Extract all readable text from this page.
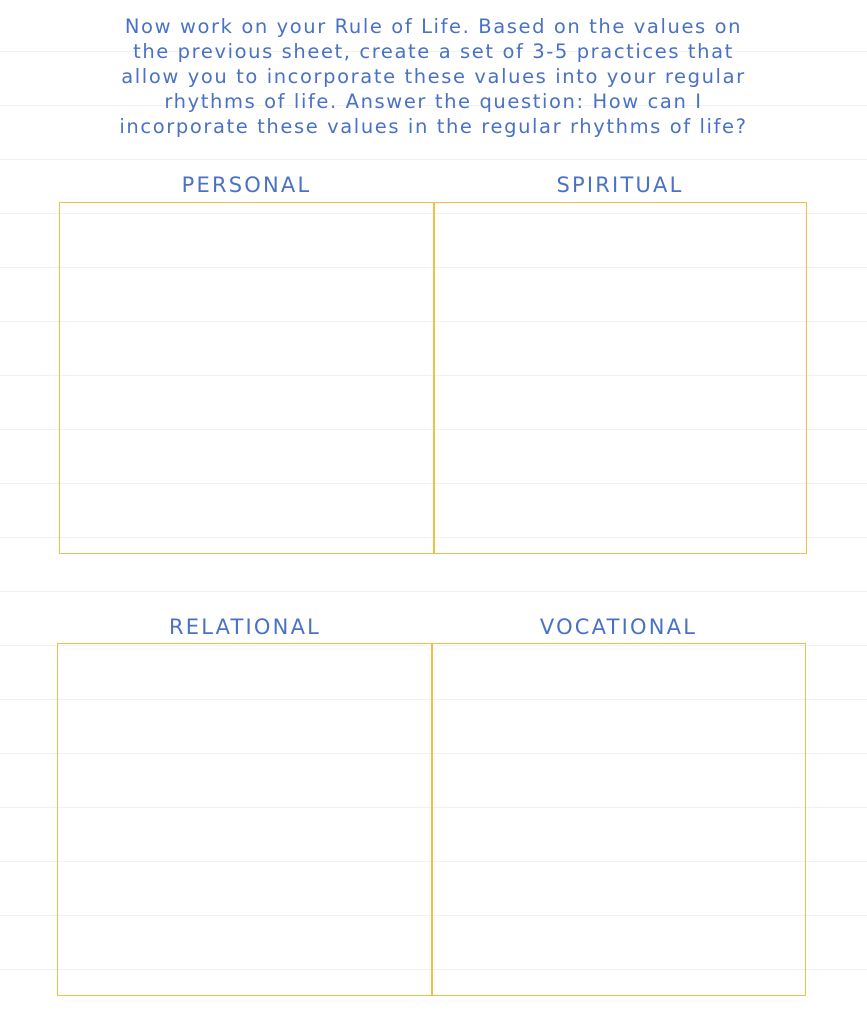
Now work on your Rule of Life. Based on the values on
the previous sheet, create a set of 3-5 practices that
allow you to incorporate these values into your regular
rhythms of life. Answer the question: How can I
incorporate these values in the regular rhythms of life?
PERSONAL	SPIRITUAL
RELATIONAL	VOCATIONAL
